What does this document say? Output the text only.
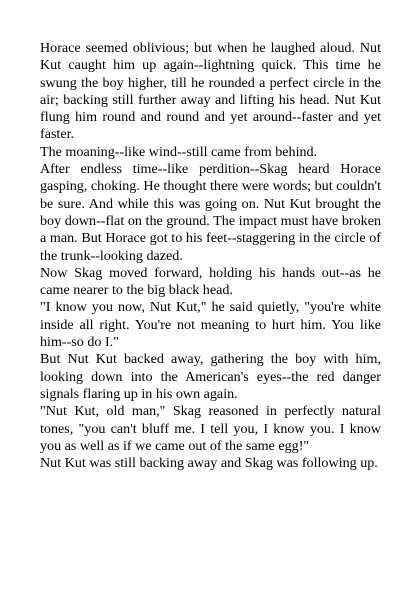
Horace seemed oblivious; but when he laughed aloud. Nut Kut caught him up again--lightning quick. This time he swung the boy higher, till he rounded a perfect circle in the air; backing still further away and lifting his head. Nut Kut flung him round and round and yet around--faster and yet faster.

The moaning--like wind--still came from behind.

After endless time--like perdition--Skag heard Horace gasping, choking. He thought there were words; but couldn't be sure. And while this was going on. Nut Kut brought the boy down--flat on the ground. The impact must have broken a man. But Horace got to his feet--staggering in the circle of the trunk--looking dazed.

Now Skag moved forward, holding his hands out--as he came nearer to the big black head.

"I know you now, Nut Kut," he said quietly, "you're white inside all right. You're not meaning to hurt him. You like him--so do I."

But Nut Kut backed away, gathering the boy with him, looking down into the American's eyes--the red danger signals flaring up in his own again.

"Nut Kut, old man," Skag reasoned in perfectly natural tones, "you can't bluff me. I tell you, I know you. I know you as well as if we came out of the same egg!"

Nut Kut was still backing away and Skag was following up.
